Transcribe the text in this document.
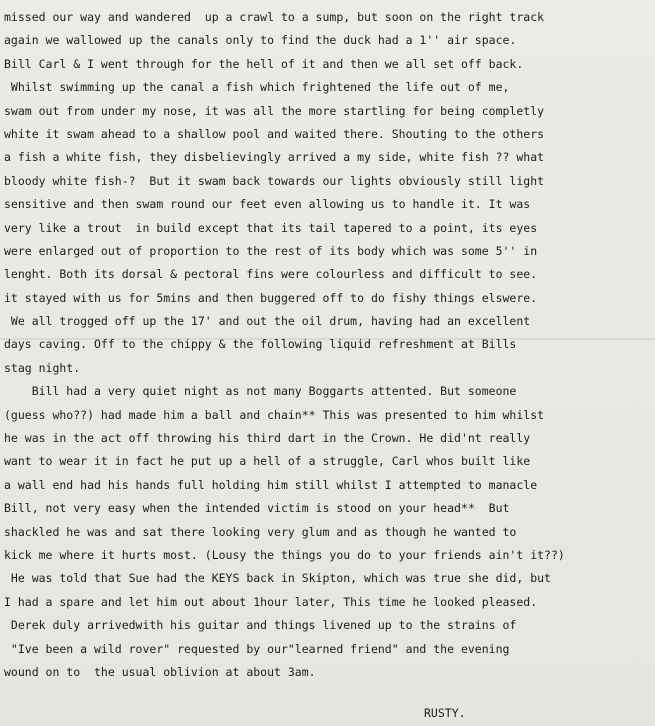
missed our way and wandered  up a crawl to a sump, but soon on the right track
again we wallowed up the canals only to find the duck had a 1'' air space.
Bill Carl & I went through for the hell of it and then we all set off back.
Whilst swimming up the canal a fish which frightened the life out of me,
swam out from under my nose, it was all the more startling for being completly
white it swam ahead to a shallow pool and waited there. Shouting to the others
a fish a white fish, they disbelievingly arrived a my side, white fish ?? what
bloody white fish-?  But it swam back towards our lights obviously still light
sensitive and then swam round our feet even allowing us to handle it. It was
very like a trout  in build except that its tail tapered to a point, its eyes
were enlarged out of proportion to the rest of its body which was some 5'' in
lenght. Both its dorsal & pectoral fins were colourless and difficult to see.
it stayed with us for 5mins and then buggered off to do fishy things elswere.
We all trogged off up the 17' and out the oil drum, having had an excellent
days caving. Off to the chippy & the following liquid refreshment at Bills
stag night.
Bill had a very quiet night as not many Boggarts attented. But someone
(guess who??) had made him a ball and chain** This was presented to him whilst
he was in the act off throwing his third dart in the Crown. He did'nt really
want to wear it in fact he put up a hell of a struggle, Carl whos built like
a wall end had his hands full holding him still whilst I attempted to manacle
Bill, not very easy when the intended victim is stood on your head**  But
shackled he was and sat there looking very glum and as though he wanted to
kick me where it hurts most. (Lousy the things you do to your friends ain't it??)
He was told that Sue had the KEYS back in Skipton, which was true she did, but
I had a spare and let him out about 1hour later, This time he looked pleased.
Derek duly arrivedwith his guitar and things livened up to the strains of
"Ive been a wild rover" requested by our"learned friend" and the evening
wound on to  the usual oblivion at about 3am.
RUSTY.
